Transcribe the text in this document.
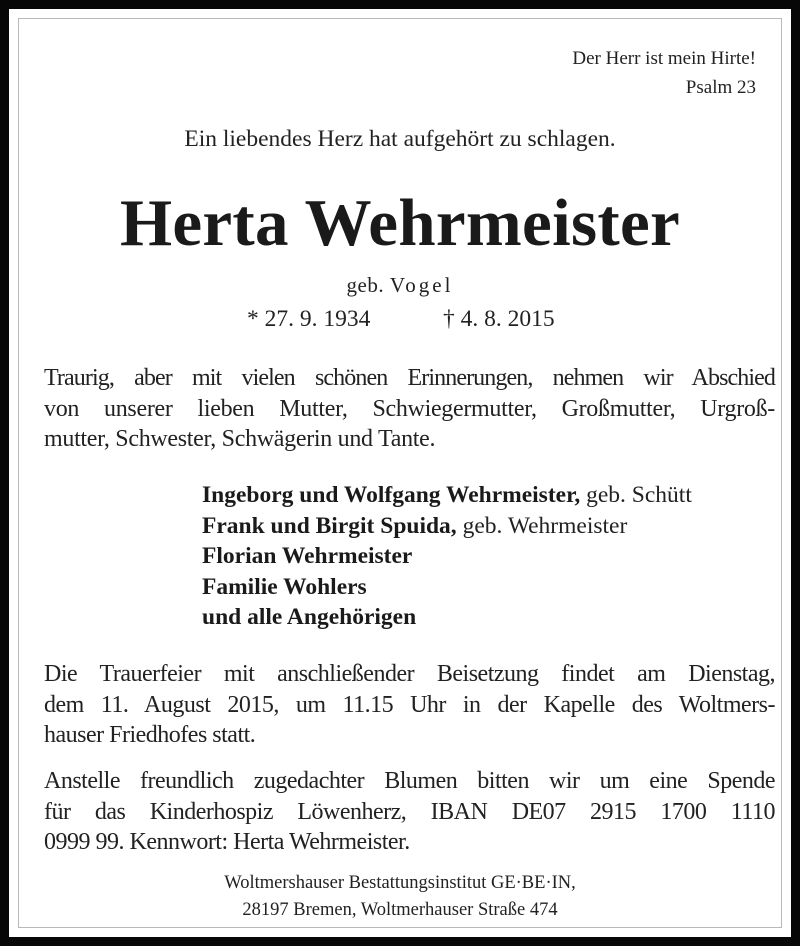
Der Herr ist mein Hirte!
Psalm 23
Ein liebendes Herz hat aufgehört zu schlagen.
Herta Wehrmeister
geb. Vogel
* 27. 9. 1934	† 4. 8. 2015
Traurig, aber mit vielen schönen Erinnerungen, nehmen wir Abschied
von unserer lieben Mutter, Schwiegermutter, Großmutter, Urgroß-
mutter, Schwester, Schwägerin und Tante.
Ingeborg und Wolfgang Wehrmeister, geb. Schütt
Frank und Birgit Spuida, geb. Wehrmeister
Florian Wehrmeister
Familie Wohlers
und alle Angehörigen
Die Trauerfeier mit anschließender Beisetzung findet am Dienstag,
dem 11. August 2015, um 11.15 Uhr in der Kapelle des Woltmers-
hauser Friedhofes statt.
Anstelle freundlich zugedachter Blumen bitten wir um eine Spende
für das Kinderhospiz Löwenherz, IBAN DE07 2915 1700 1110
0999 99. Kennwort: Herta Wehrmeister.
Woltmershauser Bestattungsinstitut GE·BE·IN,
28197 Bremen, Woltmerhauser Straße 474
